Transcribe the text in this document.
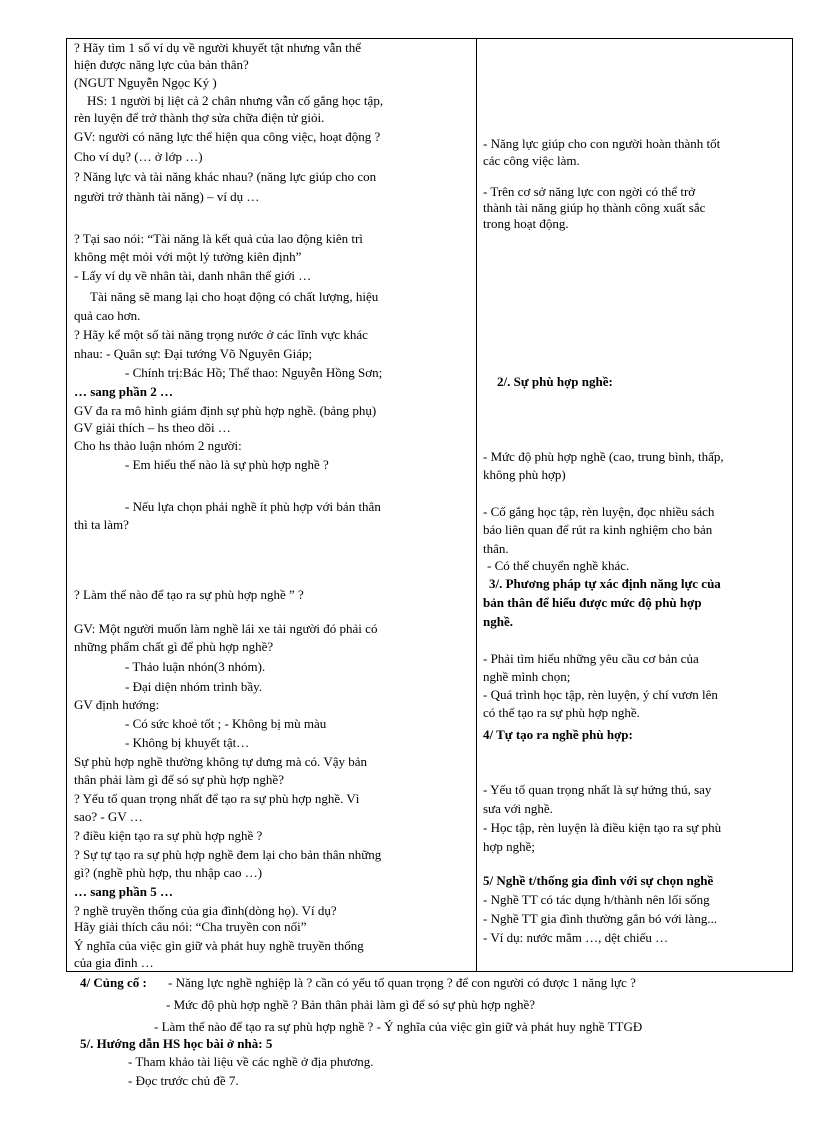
? Hãy tìm 1 số ví dụ về người khuyết tật nhưng vẫn thể
hiện được năng lực của bản thân?
(NGUT Nguyễn Ngọc Ký )
HS: 1 người bị liệt cả 2 chân nhưng vẫn cố gắng học tập,
rèn luyện để trở thành thợ sửa chữa điện tử giỏi.
GV: người có năng lực thể hiện qua công việc, hoạt động ?
Cho ví dụ? (… ở lớp …)
? Năng lực và tài năng khác nhau? (năng lực giúp cho con
người trở thành tài năng) – ví dụ …
? Tại sao nói: “Tài năng là kết quả của lao động kiên trì
không mệt mỏi với một lý tưởng kiên định”
- Lấy ví dụ về nhân tài, danh nhân thế giới …
Tài năng sẽ mang lại cho hoạt động có chất lượng, hiệu
quả cao hơn.
? Hãy kể một số tài năng trọng nước ở các lĩnh vực khác
nhau: - Quân sự: Đại tướng Võ Nguyên Giáp;
- Chính trị:Bác Hồ; Thể thao: Nguyễn Hồng Sơn;
… sang phần 2 …
GV đa ra mô hình giám định sự phù hợp nghề. (bảng phụ)
GV giải thích – hs theo dõi …
Cho hs thảo luận nhóm 2 người:
- Em hiểu thế nào là sự phù hợp nghề ?
- Nếu lựa chọn phải nghề ít phù hợp với bản thân
thì ta làm?
? Làm thế nào để tạo ra sự phù hợp nghề ” ?
GV: Một người muốn làm nghề lái xe tải người đó phải có
những phẩm chất gì để phù hợp nghề?
- Thảo luận nhón(3 nhóm).
- Đại diện nhóm trình bầy.
GV định hướng:
- Có sức khoẻ tốt ; - Không bị mù màu
- Không bị khuyết tật…
Sự phù hợp nghề thường không tự dưng mà có. Vậy bản
thân phải làm gì để só sự phù hợp nghề?
? Yếu tố quan trọng nhất để tạo ra sự phù hợp nghề. Vì
sao? - GV …
? điều kiện tạo ra sự phù hợp nghề ?
? Sự tự tạo ra sự phù hợp nghề đem lại cho bản thân những
gì? (nghề phù hợp, thu nhập cao …)
… sang phần 5 …
? nghề truyền thống của gia đình(dòng họ). Ví dụ?
Hãy giải thích câu nói: “Cha truyền con nối”
Ý nghĩa của việc gìn giữ và phát huy nghề truyền thống
của gia đình …
- Năng lực giúp cho con người hoàn thành tốt
các công việc làm.
- Trên cơ sở năng lực con ngời có thể trở
thành tài năng giúp họ thành công xuất sắc
trong hoạt động.
2/. Sự phù hợp nghề:
- Mức độ phù hợp nghề (cao, trung bình, thấp,
không phù hợp)
- Cố gắng học tập, rèn luyện, đọc nhiều sách
báo liên quan để rút ra kinh nghiệm cho bản
thân.
- Có thể chuyển nghề khác.
3/. Phương pháp tự xác định năng lực của
bản thân để hiểu được mức độ phù hợp
nghề.
- Phải tìm hiểu những yêu cầu cơ bản của
nghề mình chọn;
- Quá trình học tập, rèn luyện, ý chí vươn lên
có thể tạo ra sự phù hợp nghề.
4/ Tự tạo ra nghề phù hợp:
- Yếu tố quan trọng nhất là sự hứng thú, say
sưa với nghề.
- Học tập, rèn luyện là điều kiện tạo ra sự phù
hợp nghề;
5/ Nghề t/thống gia đình với sự chọn nghề
- Nghề TT có tác dụng h/thành nên lối sống
- Nghề TT gia đình thường gắn bó với làng...
- Ví dụ: nước mắm …, dệt chiếu …
4/ Củng cố : - Năng lực nghề nghiệp là ? cần có yếu tố quan trọng ? để con người có được 1 năng lực ?
- Mức độ phù hợp nghề ? Bản thân phải làm gì để só sự phù hợp nghề?
- Làm thế nào để tạo ra sự phù hợp nghề ? - Ý nghĩa của việc gìn giữ và phát huy nghề TTGĐ
5/. Hướng dẫn HS học bài ở nhà: 5
- Tham khảo tài liệu về các nghề ở địa phương.
- Đọc trước chủ đề 7.
